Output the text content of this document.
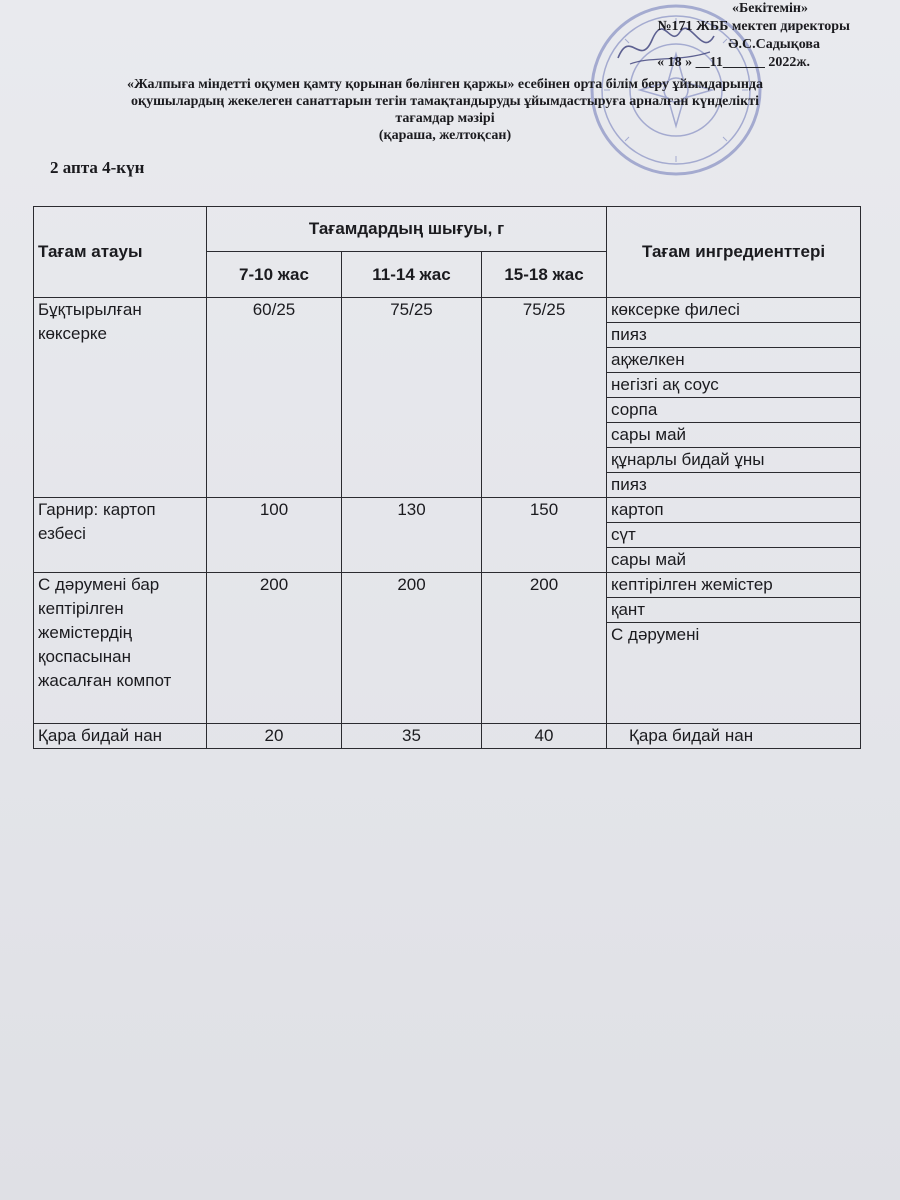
«Бекітемін»
№171 ЖББ мектеп директоры
Ә.С.Садықова
« 18 » __11______ 2022ж.
«Жалпыға міндетті оқумен қамту қорынан бөлінген қаржы» есебінен орта білім беру ұйымдарында
оқушылардың жекелеген санаттарын тегін тамақтандыруды ұйымдастыруға арналған күнделікті
тағамдар мәзірі
(қараша, желтоқсан)
2 апта 4-күн
Тағам атауы	Тағамдардың шығуы, г			Тағам ингредиенттері
	7-10 жас	11-14 жас	15-18 жас	
Бұқтырылған көксерке	60/25	75/25	75/25	көксерке филесі
				пияз
				ақжелкен
				негізгі ақ соус
				сорпа
				сары май
				құнарлы бидай ұны
				пияз
Гарнир: картоп езбесі	100	130	150	картоп
				сүт
				сары май
С дәрумені бар кептірілген жемістердің қоспасынан жасалған компот	200	200	200	кептірілген жемістер
				қант
				С дәрумені
Қара бидай нан	20	35	40	Қара бидай нан
